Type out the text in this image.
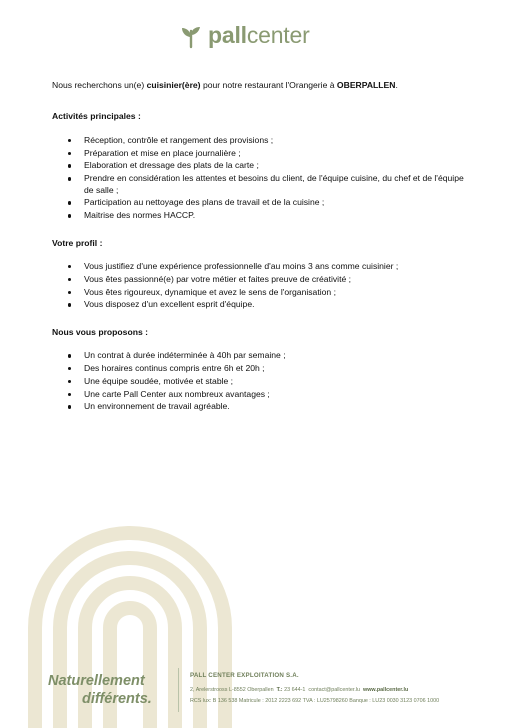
pallcenter

Nous recherchons un(e) cuisinier(ère) pour notre restaurant l'Orangerie à OBERPALLEN.

Activités principales :
Réception, contrôle et rangement des provisions ;
Préparation et mise en place journalière ;
Elaboration et dressage des plats de la carte ;
Prendre en considération les attentes et besoins du client, de l'équipe cuisine, du chef et de l'équipe de salle ;
Participation au nettoyage des plans de travail et de la cuisine ;
Maitrise des normes HACCP.
Votre profil :
Vous justifiez d'une expérience professionnelle d'au moins 3 ans comme cuisinier ;
Vous êtes passionné(e) par votre métier et faites preuve de créativité ;
Vous êtes rigoureux, dynamique et avez le sens de l'organisation ;
Vous disposez d'un excellent esprit d'équipe.
Nous vous proposons :
Un contrat à durée indéterminée à 40h par semaine ;
Des horaires continus compris entre 6h et 20h ;
Une équipe soudée, motivée et stable ;
Une carte Pall Center aux nombreux avantages ;
Un environnement de travail agréable.
Naturellement
différents.
PALL CENTER EXPLOITATION S.A.
2, Arelerstrooss L-8552 Oberpallen T.: 23 644-1 contact@pallcenter.lu www.pallcenter.lu
RCS lux: B 136 538 Matricule : 2012 2223 692 TVA : LU25798260 Banque : LU23 0030 3123 0706 1000
